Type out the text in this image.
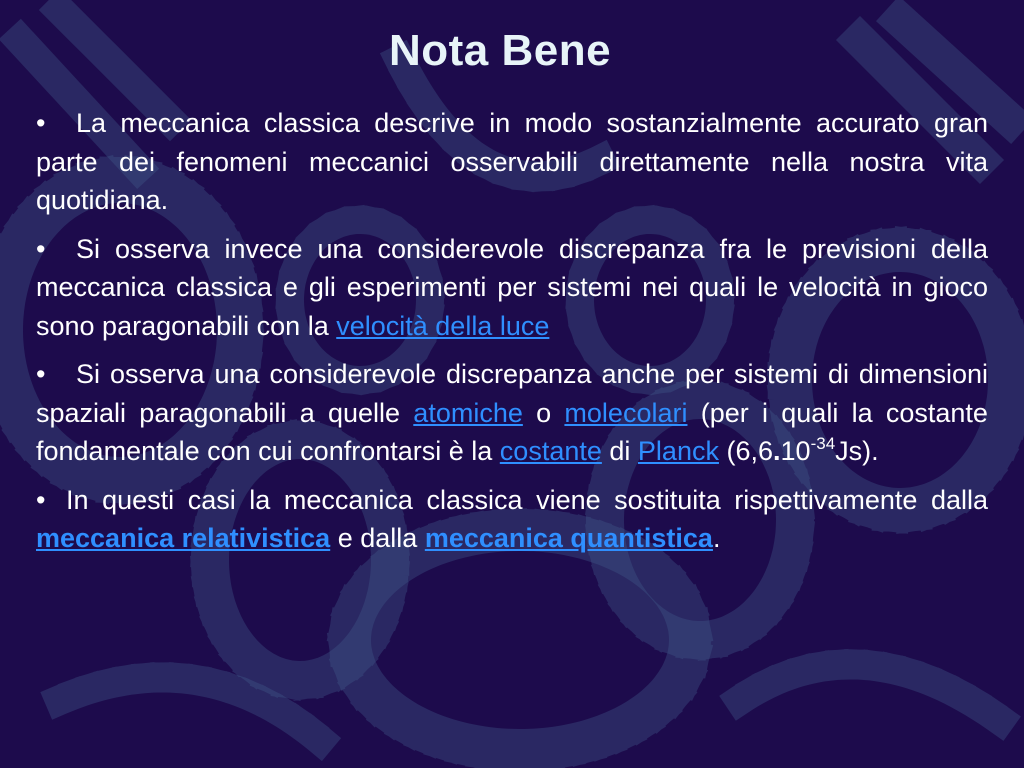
Nota Bene

• La meccanica classica descrive in modo sostanzialmente accurato gran parte dei fenomeni meccanici osservabili direttamente nella nostra vita quotidiana.

• Si osserva invece una considerevole discrepanza fra le previsioni della meccanica classica e gli esperimenti per sistemi nei quali le velocità in gioco sono paragonabili con la velocità della luce

• Si osserva una considerevole discrepanza anche per sistemi di dimensioni spaziali paragonabili a quelle atomiche o molecolari (per i quali la costante fondamentale con cui confrontarsi è la costante di Planck $(6,6.10^{-34}Js)$.

• In questi casi la meccanica classica viene sostituita rispettivamente dalla meccanica relativistica e dalla meccanica quantistica.
